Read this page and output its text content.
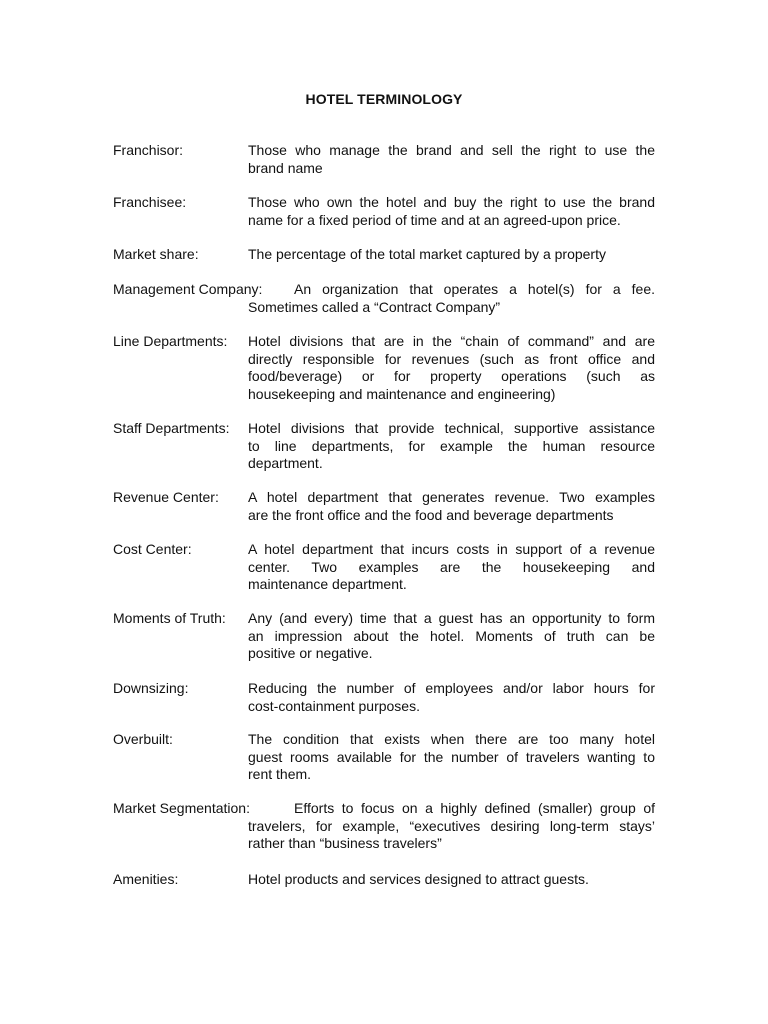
HOTEL TERMINOLOGY
Franchisor:	Those who manage the brand and sell the right to use the
brand name
Franchisee:	Those who own the hotel and buy the right to use the brand
name for a fixed period of time and at an agreed-upon price.
Market share:	The percentage of the total market captured by a property
Management Company: An organization that operates a hotel(s) for a fee.
Sometimes called a “Contract Company”
Line Departments: Hotel divisions that are in the “chain of command” and are
directly responsible for revenues (such as front office and
food/beverage) or for property operations (such as
housekeeping and maintenance and engineering)
Staff Departments: Hotel divisions that provide technical, supportive assistance
to line departments, for example the human resource
department.
Revenue Center: A hotel department that generates revenue. Two examples
are the front office and the food and beverage departments
Cost Center:	A hotel department that incurs costs in support of a revenue
center. Two examples are the housekeeping and
maintenance department.
Moments of Truth: Any (and every) time that a guest has an opportunity to form
an impression about the hotel. Moments of truth can be
positive or negative.
Downsizing:	Reducing the number of employees and/or labor hours for
cost-containment purposes.
Overbuilt:	The condition that exists when there are too many hotel
guest rooms available for the number of travelers wanting to
rent them.
Market Segmentation:	Efforts to focus on a highly defined (smaller) group of
travelers, for example, “executives desiring long-term stays’
rather than “business travelers”
Amenities:	Hotel products and services designed to attract guests.
